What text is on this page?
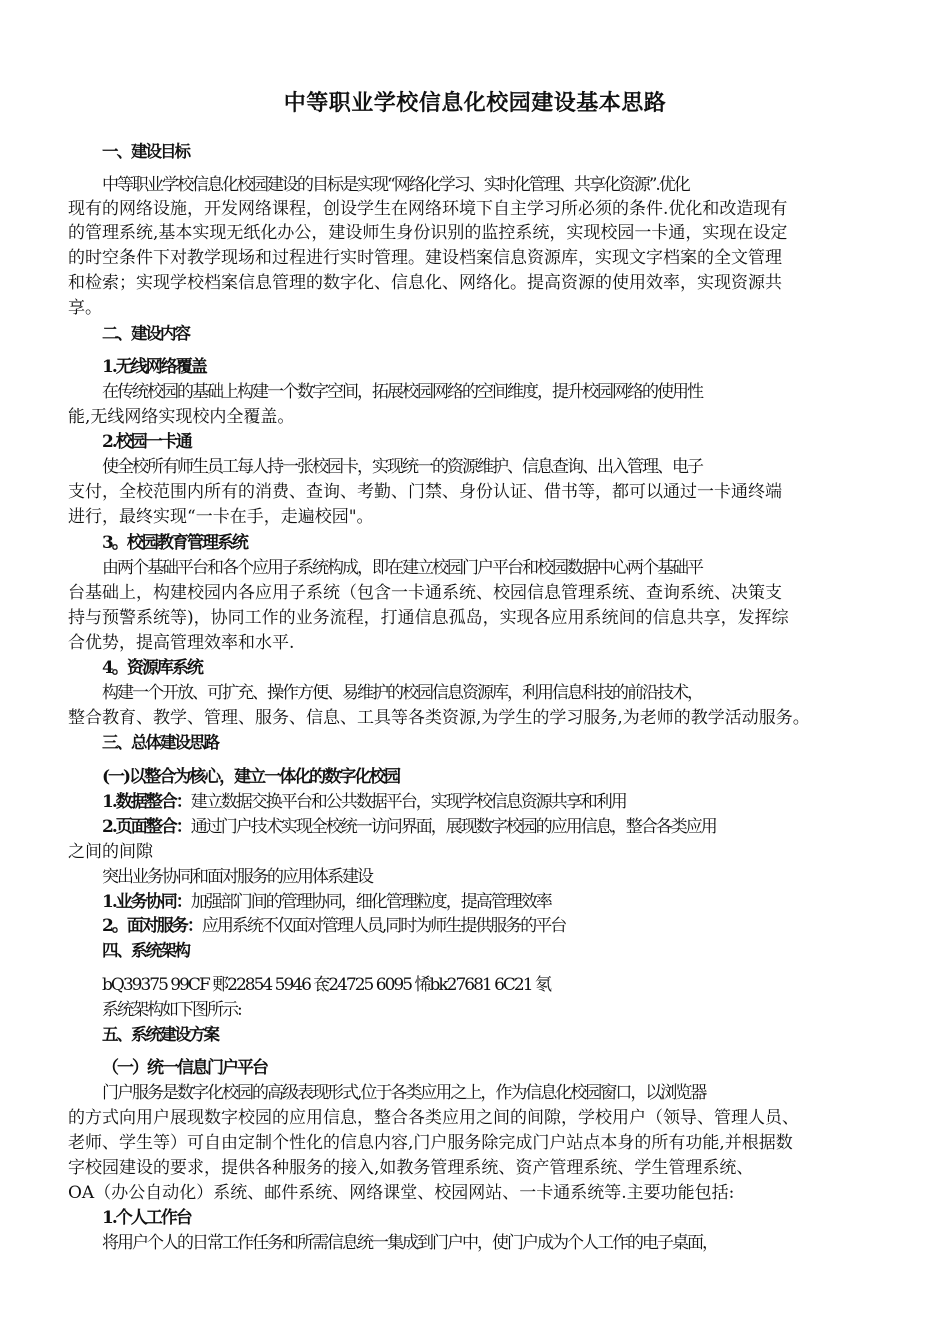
中等职业学校信息化校园建设基本思路
一、建设目标
中等职业学校信息化校园建设的目标是实现“网络化学习、实时化管理、共享化资源”.优化
现有的网络设施，开发网络课程，创设学生在网络环境下自主学习所必须的条件.优化和改造现有
的管理系统,基本实现无纸化办公，建设师生身份识别的监控系统，实现校园一卡通，实现在设定
的时空条件下对教学现场和过程进行实时管理。建设档案信息资源库，实现文字档案的全文管理
和检索；实现学校档案信息管理的数字化、信息化、网络化。提高资源的使用效率，实现资源共
享。
二、建设内容
1.无线网络覆盖
在传统校园的基础上构建一个数字空间，拓展校园网络的空间维度，提升校园网络的使用性
能,无线网络实现校内全覆盖。
2.校园一卡通
使全校所有师生员工每人持一张校园卡，实现统一的资源维护、信息查询、出入管理、电子
支付，全校范围内所有的消费、查询、考勤、门禁、身份认证、借书等，都可以通过一卡通终端
进行，最终实现“一卡在手，走遍校园"。
3。校园教育管理系统
由两个基础平台和各个应用子系统构成，即在建立校园门户平台和校园数据中心两个基础平
台基础上，构建校园内各应用子系统（包含一卡通系统、校园信息管理系统、查询系统、决策支
持与预警系统等)，协同工作的业务流程，打通信息孤岛，实现各应用系统间的信息共享，发挥综
合优势，提高管理效率和水平.
4。资源库系统
构建一个开放、可扩充、操作方便、易维护的校园信息资源库，利用信息科技的前沿技术，
整合教育、教学、管理、服务、信息、工具等各类资源,为学生的学习服务,为老师的教学活动服务。
三、总体建设思路
(一)以整合为核心，建立一体化的数字化校园
1.数据整合：建立数据交换平台和公共数据平台，实现学校信息资源共享和利用
2.页面整合：通过门户技术实现全校统一访问界面，展现数字校园的应用信息，整合各类应用
之间的间隙
突出业务协同和面对服务的应用体系建设
1.业务协同：加强部门间的管理协同，细化管理粒度，提高管理效率
2。面对服务：应用系统不仅面对管理人员,同时为师生提供服务的平台
四、系统架构
bQ39375 99CF 郠22854 5946 奃24725 6095 悕bk27681 6C21 氡
系统架构如下图所示:
五、系统建设方案
（一）统一信息门户平台
门户服务是数字化校园的高级表现形式,位于各类应用之上，作为信息化校园窗口，以浏览器
的方式向用户展现数字校园的应用信息，整合各类应用之间的间隙，学校用户（领导、管理人员、
老师、学生等）可自由定制个性化的信息内容,门户服务除完成门户站点本身的所有功能,并根据数
字校园建设的要求，提供各种服务的接入,如教务管理系统、资产管理系统、学生管理系统、
OA（办公自动化）系统、邮件系统、网络课堂、校园网站、一卡通系统等.主要功能包括:
1.个人工作台
将用户个人的日常工作任务和所需信息统一集成到门户中，使门户成为个人工作的电子桌面，
